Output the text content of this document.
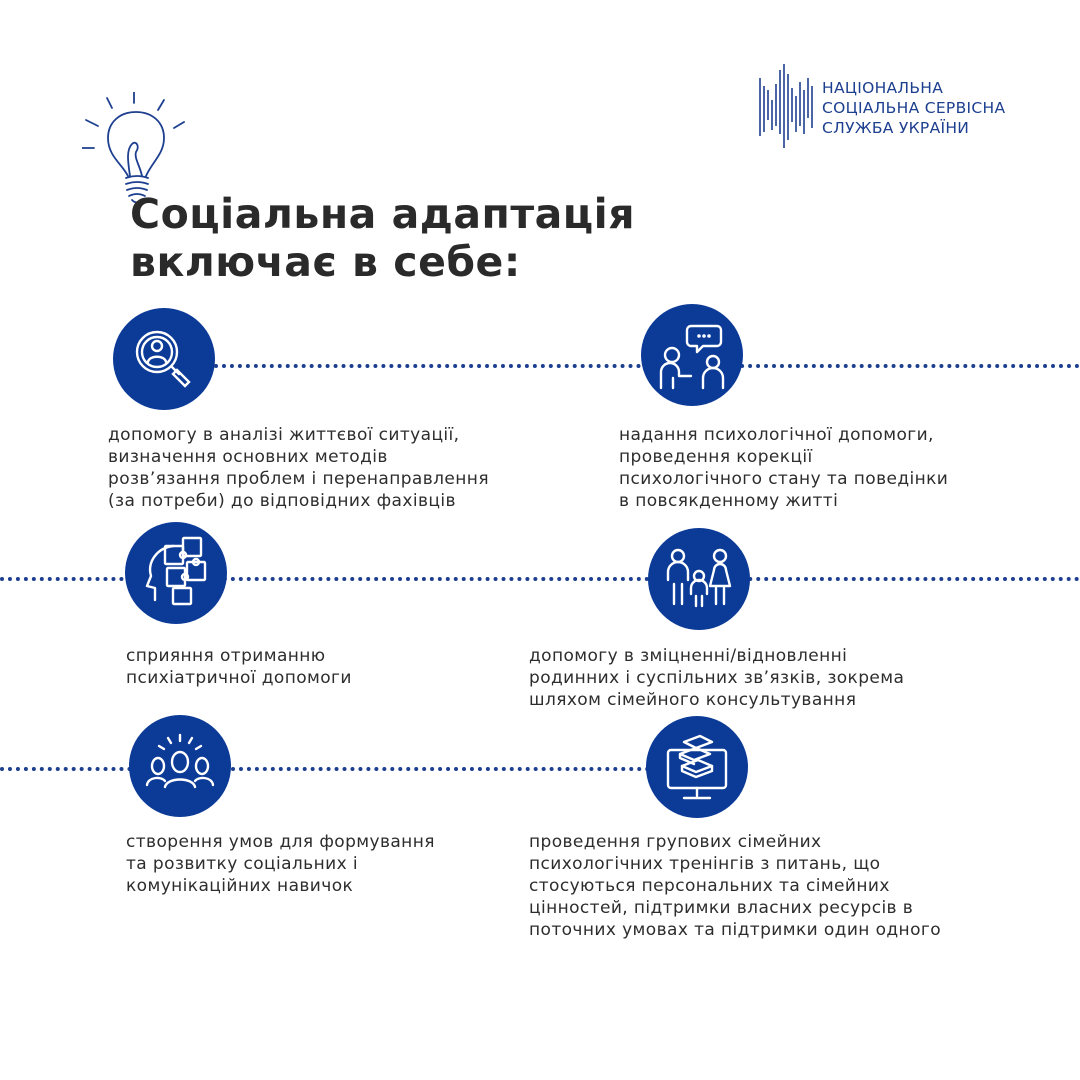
НАЦІОНАЛЬНА
СОЦІАЛЬНА СЕРВІСНА
СЛУЖБА УКРАЇНИ
Соціальна адаптація
включає в себе:
допомогу в аналізі життєвої ситуації,
визначення основних методів
розв’язання проблем і перенаправлення
(за потреби) до відповідних фахівців
надання психологічної допомоги,
проведення корекції
психологічного стану та поведінки
в повсякденному житті
сприяння отриманню
психіатричної допомоги
допомогу в зміцненні/відновленні
родинних і суспільних зв’язків, зокрема
шляхом сімейного консультування
створення умов для формування
та розвитку соціальних і
комунікаційних навичок
проведення групових сімейних
психологічних тренінгів з питань, що
стосуються персональних та сімейних
цінностей, підтримки власних ресурсів в
поточних умовах та підтримки один одного
